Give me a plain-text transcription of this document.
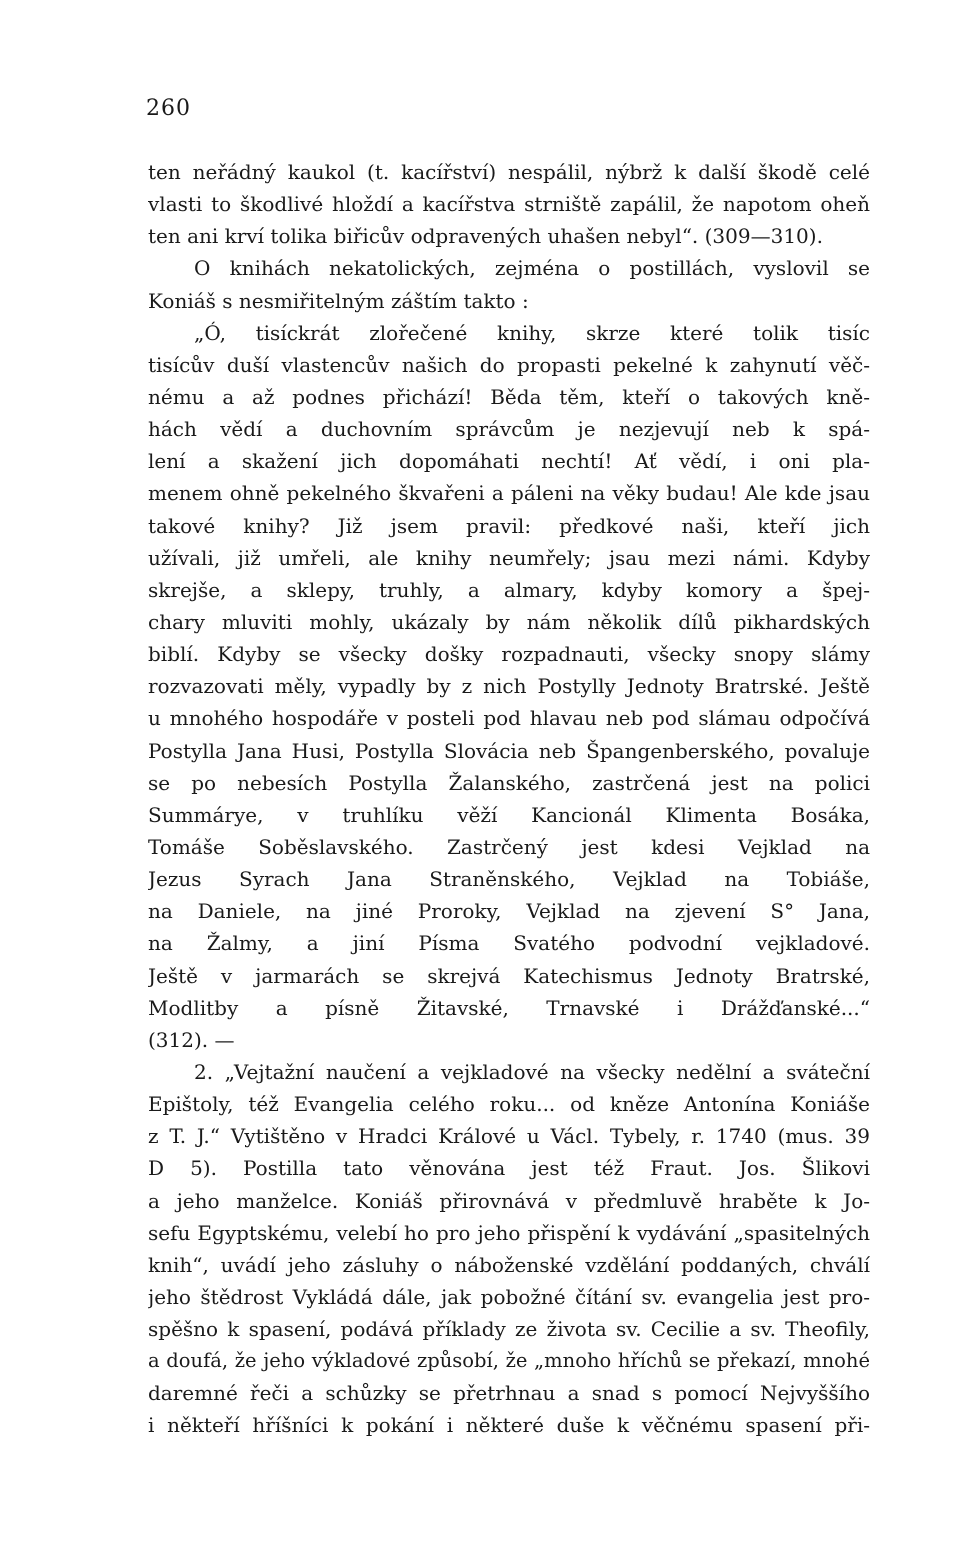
260
ten neřádný kaukol (t. kacířství) nespálil, nýbrž k další škodě celé
vlasti to škodlivé hloždí a kacířstva strniště zapálil, že napotom oheň
ten ani krví tolika biřicův odpravených uhašen nebyl“. (309—310).
O knihách nekatolických, zejména o postillách, vyslovil se
Koniáš s nesmiřitelným záštím takto :
„Ó, tisíckrát zlořečené knihy, skrze které tolik tisíc
tisícův duší vlastencův našich do propasti pekelné k zahynutí věč-
nému a až podnes přichází! Běda těm, kteří o takových kně-
hách vědí a duchovním správcům je nezjevují neb k spá-
lení a skažení jich dopomáhati nechtí! Ať vědí, i oni pla-
menem ohně pekelného škvařeni a páleni na věky budau! Ale kde jsau
takové knihy? Již jsem pravil: předkové naši, kteří jich
užívali, již umřeli, ale knihy neumřely; jsau mezi námi. Kdyby
skrejše, a sklepy, truhly, a almary, kdyby komory a špej-
chary mluviti mohly, ukázaly by nám několik dílů pikhardských
biblí. Kdyby se všecky došky rozpadnauti, všecky snopy slámy
rozvazovati měly, vypadly by z nich Postylly Jednoty Bratrské. Ještě
u mnohého hospodáře v posteli pod hlavau neb pod slámau odpočívá
Postylla Jana Husi, Postylla Slovácia neb Špangenberského, povaluje
se po nebesích Postylla Žalanského, zastrčená jest na polici
Summárye, v truhlíku věží Kancionál Klimenta Bosáka,
Tomáše Soběslavského. Zastrčený jest kdesi Vejklad na
Jezus Syrach Jana Straněnského, Vejklad na Tobiáše,
na Daniele, na jiné Proroky, Vejklad na zjevení S° Jana,
na Žalmy, a jiní Písma Svatého podvodní vejkladové.
Ještě v jarmarách se skrejvá Katechismus Jednoty Bratrské,
Modlitby a písně Žitavské, Trnavské i Drážďanské...“
(312). —
2. „Vejtažní naučení a vejkladové na všecky nedělní a sváteční
Epištoly, též Evangelia celého roku... od kněze Antonína Koniáše
z T. J.“ Vytištěno v Hradci Králové u Václ. Tybely, r. 1740 (mus. 39
D 5). Postilla tato věnována jest též Fraut. Jos. Šlikovi
a jeho manželce. Koniáš přirovnává v předmluvě hraběte k Jo-
sefu Egyptskému, velebí ho pro jeho přispění k vydávání „spasitelných
knih“, uvádí jeho zásluhy o náboženské vzdělání poddaných, chválí
jeho štědrost Vykládá dále, jak pobožné čítání sv. evangelia jest pro-
spěšno k spasení, podává příklady ze života sv. Cecilie a sv. Theofily,
a doufá, že jeho výkladové způsobí, že „mnoho hříchů se překazí, mnohé
daremné řeči a schůzky se přetrhnau a snad s pomocí Nejvyššího
i někteří hříšníci k pokání i některé duše k věčnému spasení při-
